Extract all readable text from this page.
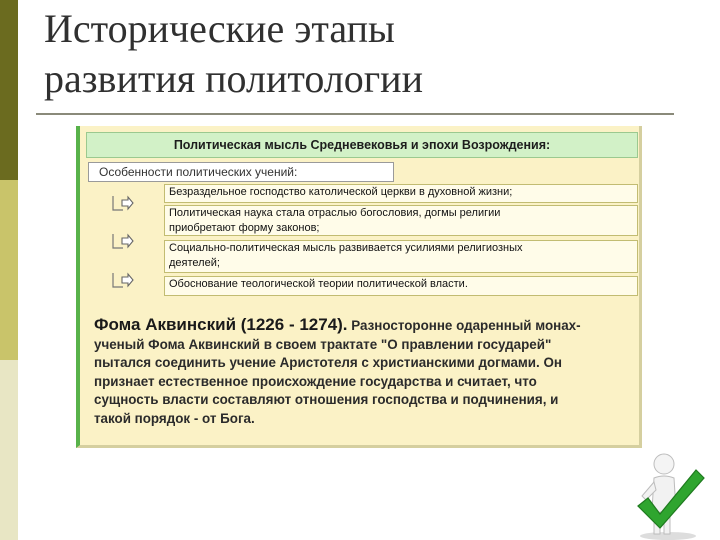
Исторические этапы
развития политологии
Политическая мысль Средневековья и эпохи Возрождения:
Особенности политических учений:
Безраздельное господство католической церкви в духовной жизни;
Политическая наука стала отраслью богословия, догмы религии
приобретают форму законов;
Социально-политическая мысль развивается усилиями религиозных
деятелей;
Обоснование теологической теории политической власти.
Фома Аквинский (1226 - 1274). Разносторонне одаренный монах-
ученый Фома Аквинский в своем трактате "О правлении государей"
пытался соединить учение Аристотеля с христианскими догмами. Он
признает естественное происхождение государства и считает, что
сущность власти составляют отношения господства и подчинения, и
такой порядок - от Бога.
